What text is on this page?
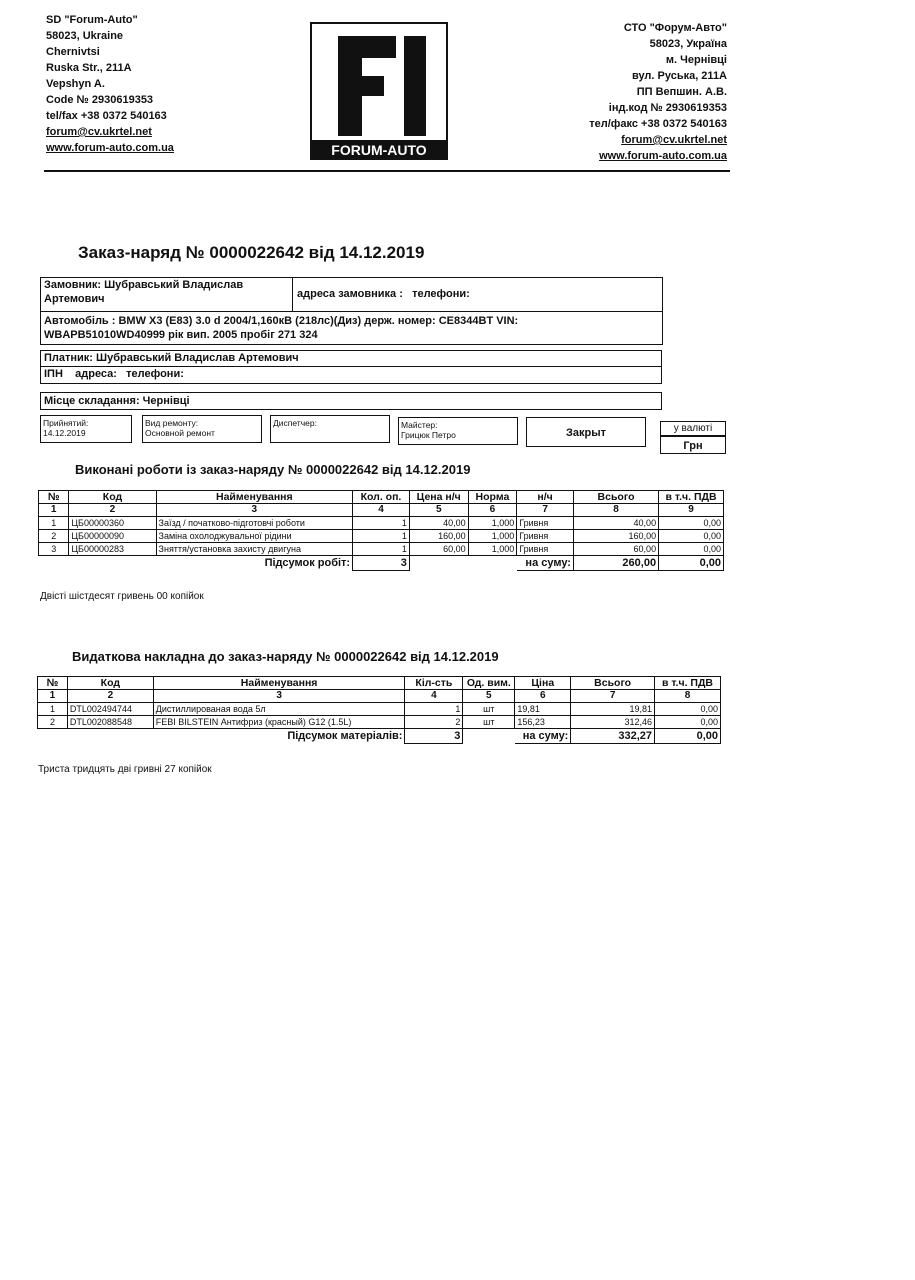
SD "Forum-Auto"
58023, Ukraine
Chernivtsi
Ruska Str., 211A
Vepshyn A.
Code № 2930619353
tel/fax +38 0372 540163
forum@cv.ukrtel.net
www.forum-auto.com.ua	FORUM-AUTO
СТО "Форум-Авто"
58023, Україна
м. Чернівці
вул. Руська, 211А
ПП Вепшин. А.В.
інд.код № 2930619353
тел/факс +38 0372 540163
forum@cv.ukrtel.net
www.forum-auto.com.ua
Заказ-наряд № 0000022642 від 14.12.2019
Замовник: Шубравський Владислав Артемович	адреса замовника : телефони:
Автомобіль : BMW X3 (E83) 3.0 d 2004/1,160кВ (218лс)(Диз) держ. номер: CE8344BT VIN:
WBAPB51010WD40999 рік вип. 2005 пробіг 271 324
Платник: Шубравський Владислав Артемович
ІПН адреса: телефони:
Місце складання: Чернівці
Прийнятий:
14.12.2019
Вид ремонту:
Основной ремонт
Диспетчер:	Майстер:
Грицюк Петро	Закрыт	у валюті
Грн
Виконані роботи із заказ-наряду № 0000022642 від 14.12.2019
№	Код	Найменування	Кол. оп.	Цена н/ч	Норма	н/ч	Всього	в т.ч. ПДВ
1	2	3	4	5	6	7	8	9
1	ЦБ00000360	Заїзд / початково-підготовчі роботи	1	40,00	1,000	Гривня	40,00	0,00
2	ЦБ00000090	Заміна охолоджувальної рідини	1	160,00	1,000	Гривня	160,00	0,00
3	ЦБ00000283	Зняття/установка захисту двигуна	1	60,00	1,000	Гривня	60,00	0,00
		Підсумок робіт:	3			на суму:	260,00	0,00
Двісті шістдесят гривень 00 копійок
Видаткова накладна до заказ-наряду № 0000022642 від 14.12.2019
№	Код	Найменування	Кіл-сть	Од. вим.	Ціна	Всього	в т.ч. ПДВ
1	2	3	4	5	6	7	8
1	DTL002494744	Дистиллированая вода 5л	1	шт	19,81	19,81	0,00
2	DTL002088548	FEBI BILSTEIN Антифриз (красный) G12 (1.5L)	2	шт	156,23	312,46	0,00
		Підсумок матеріалів:	3		на суму:	332,27	0,00
Триста тридцять дві гривні 27 копійок
